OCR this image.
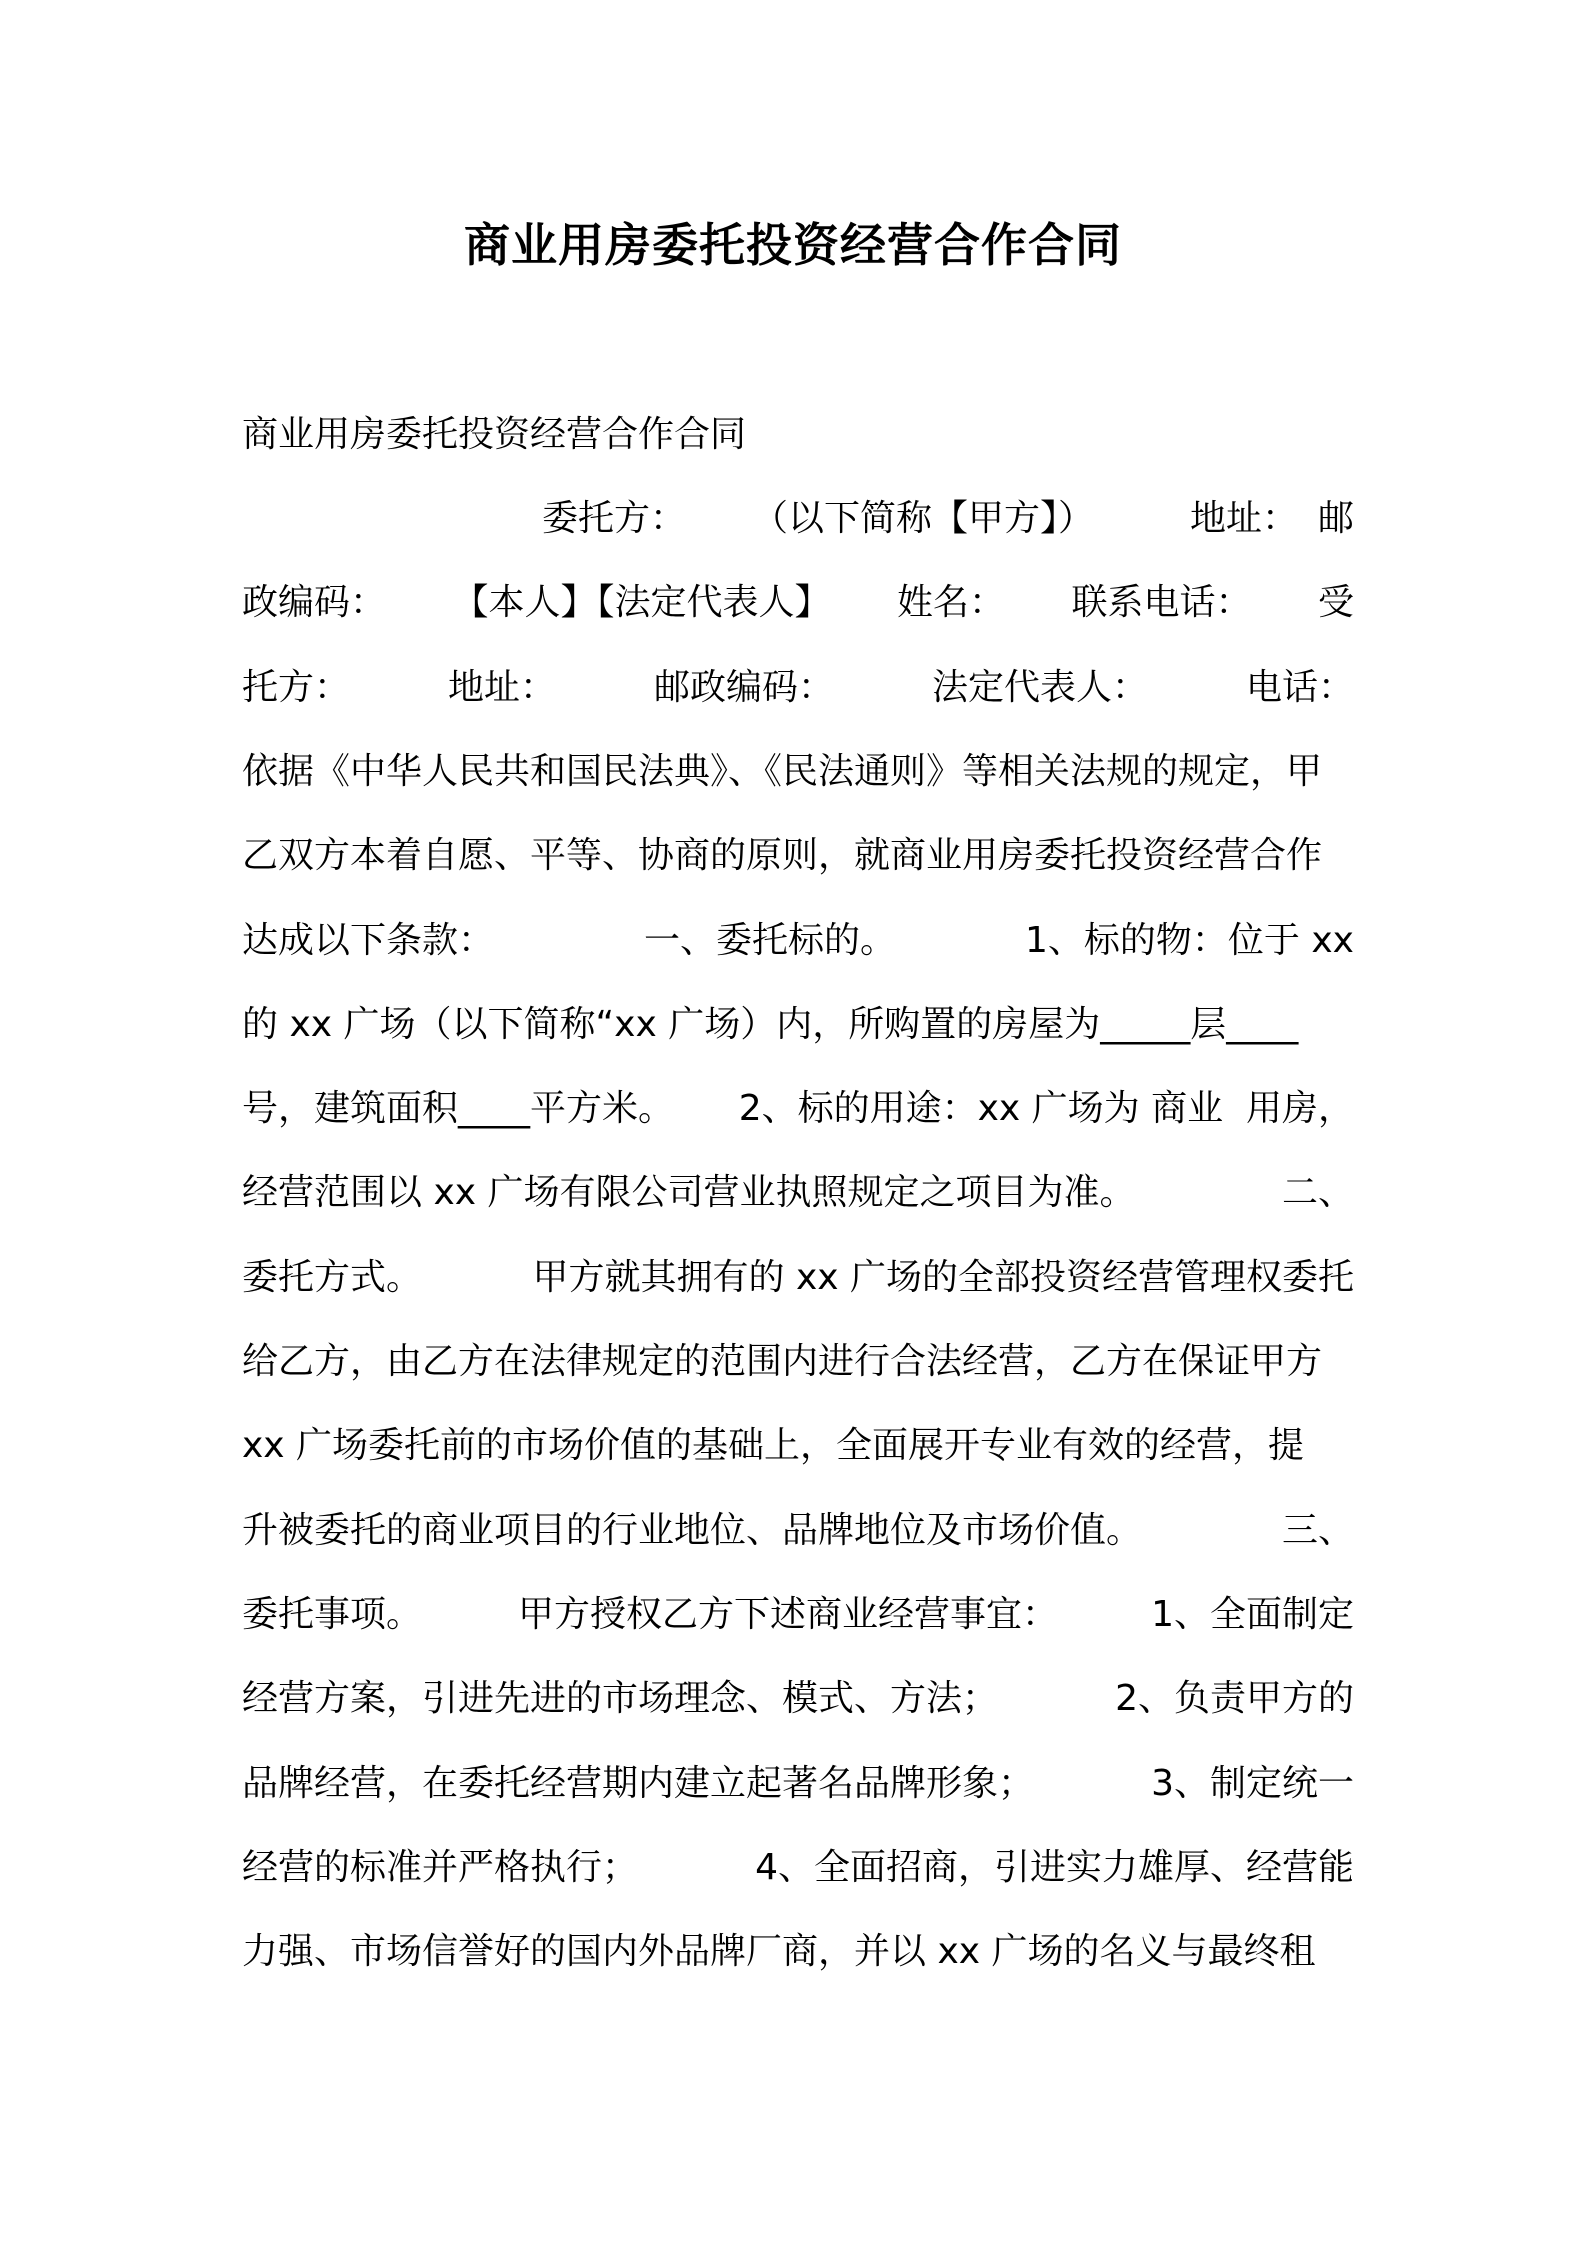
商业用房委托投资经营合作合同
商业用房委托投资经营合作合同
委托方： （以下简称【甲方】）	地址： 邮
政编码： 【本人】【法定代表人】 姓名： 联系电话： 受
托方：	地址：	邮政编码：	法定代表人：	电话：
依据《中华人民共和国民法典》、《民法通则》等相关法规的规定，甲
乙双方本着自愿、平等、协商的原则，就商业用房委托投资经营合作
达成以下条款：	一、委托标的。	1、标的物：位于 xx
的 xx 广场（以下简称“xx 广场）内，所购置的房屋为_____层____
号，建筑面积____平方米。 2、标的用途：xx 广场为 商业  用房，
经营范围以 xx 广场有限公司营业执照规定之项目为准。	二、
委托方式。	甲方就其拥有的 xx 广场的全部投资经营管理权委托
给乙方，由乙方在法律规定的范围内进行合法经营，乙方在保证甲方
xx 广场委托前的市场价值的基础上，全面展开专业有效的经营，提
升被委托的商业项目的行业地位、品牌地位及市场价值。	三、
委托事项。	甲方授权乙方下述商业经营事宜：	1、全面制定
经营方案，引进先进的市场理念、模式、方法；	2、负责甲方的
品牌经营，在委托经营期内建立起著名品牌形象；	3、制定统一
经营的标准并严格执行；	4、全面招商，引进实力雄厚、经营能
力强、市场信誉好的国内外品牌厂商，并以 xx 广场的名义与最终租
